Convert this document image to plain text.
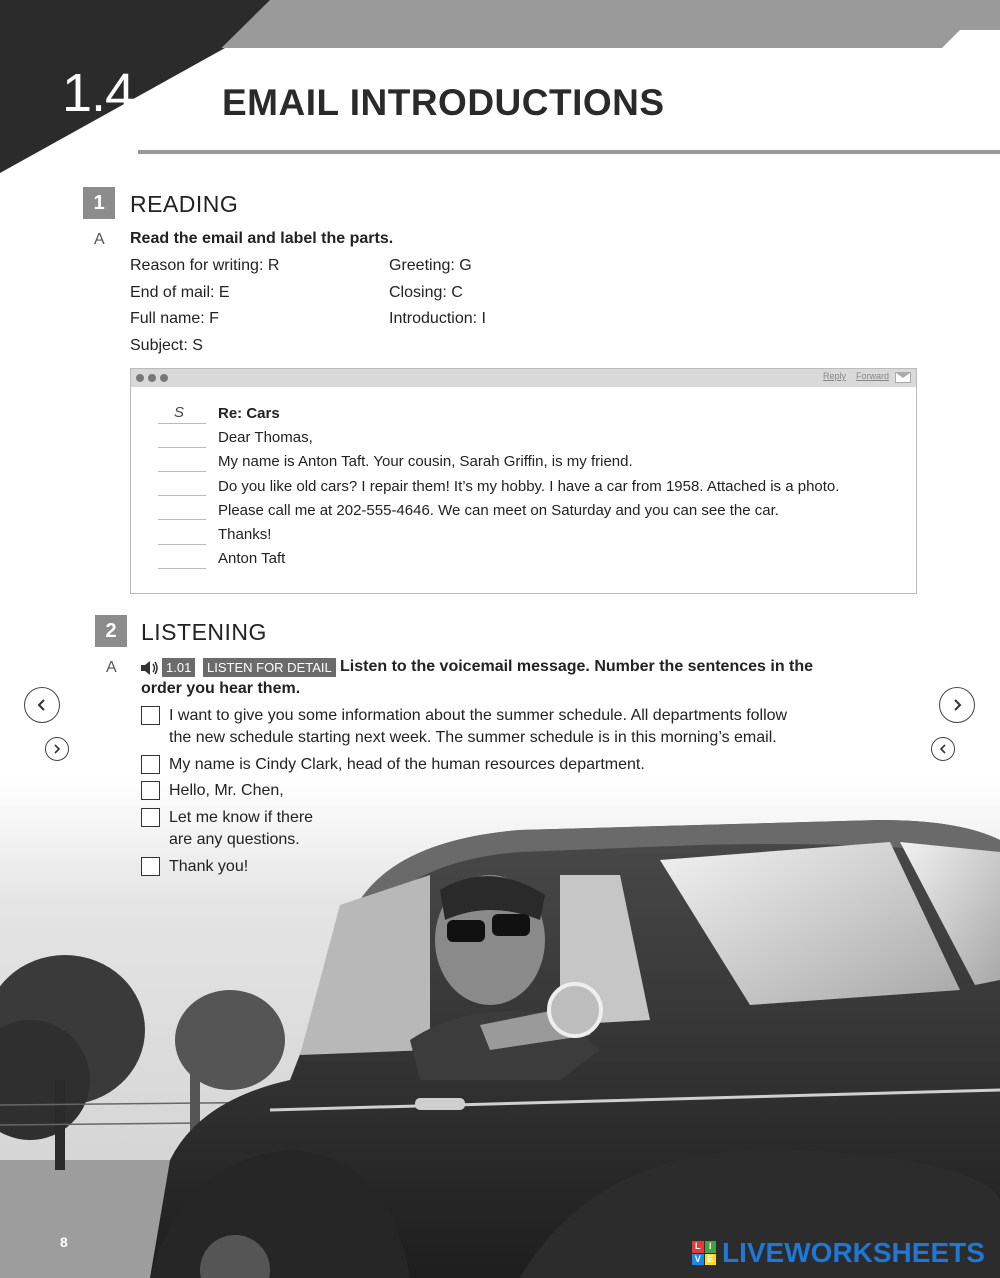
1.4 EMAIL INTRODUCTIONS
1	READING
A Read the email and label the parts.
Reason for writing: R	Greeting: G
End of mail: E	Closing: C
Full name: F	Introduction: I
Subject: S
Reply Forward
S Re: Cars
Dear Thomas,
My name is Anton Taft. Your cousin, Sarah Griffin, is my friend.
Do you like old cars? I repair them! It’s my hobby. I have a car from 1958. Attached is a photo.
Please call me at 202-555-4646. We can meet on Saturday and you can see the car.
Thanks!
Anton Taft
2	LISTENING
A	1.01	LISTEN FOR DETAIL Listen to the voicemail message. Number the sentences in the
order you hear them.
I want to give you some information about the summer schedule. All departments follow
the new schedule starting next week. The summer schedule is in this morning’s email.
My name is Cindy Clark, head of the human resources department.
Hello, Mr. Chen,
Let me know if there
are any questions.
Thank you!
8	L I
V E LIVEWORKSHEETS
